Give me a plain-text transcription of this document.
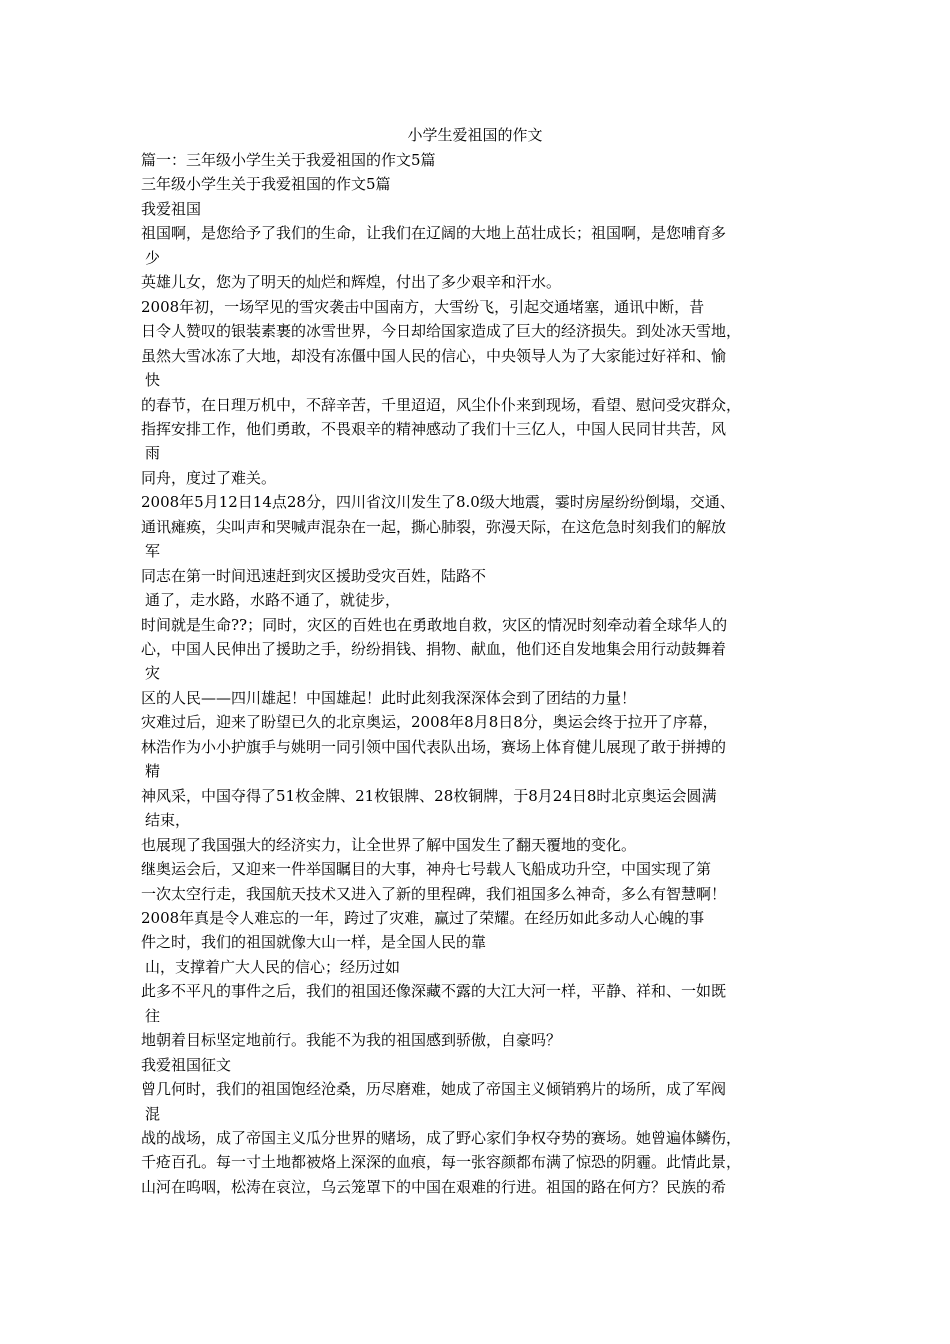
小学生爱祖国的作文
篇一：三年级小学生关于我爱祖国的作文5篇
三年级小学生关于我爱祖国的作文5篇
我爱祖国
祖国啊，是您给予了我们的生命，让我们在辽阔的大地上茁壮成长；祖国啊，是您哺育多
少
英雄儿女，您为了明天的灿烂和辉煌，付出了多少艰辛和汗水。
2008年初，一场罕见的雪灾袭击中国南方，大雪纷飞，引起交通堵塞，通讯中断，昔
日令人赞叹的银装素裹的冰雪世界，今日却给国家造成了巨大的经济损失。到处冰天雪地，
虽然大雪冰冻了大地，却没有冻僵中国人民的信心，中央领导人为了大家能过好祥和、愉
快
的春节，在日理万机中，不辞辛苦，千里迢迢，风尘仆仆来到现场，看望、慰问受灾群众，
指挥安排工作，他们勇敢，不畏艰辛的精神感动了我们十三亿人，中国人民同甘共苦，风
雨
同舟，度过了难关。
2008年5月12日14点28分，四川省汶川发生了8.0级大地震，霎时房屋纷纷倒塌，交通、
通讯瘫痪，尖叫声和哭喊声混杂在一起，撕心肺裂，弥漫天际，在这危急时刻我们的解放
军
同志在第一时间迅速赶到灾区援助受灾百姓，陆路不
通了，走水路，水路不通了，就徒步，
时间就是生命??；同时，灾区的百姓也在勇敢地自救，灾区的情况时刻牵动着全球华人的
心，中国人民伸出了援助之手，纷纷捐钱、捐物、献血，他们还自发地集会用行动鼓舞着
灾
区的人民——四川雄起！中国雄起！此时此刻我深深体会到了团结的力量！
灾难过后，迎来了盼望已久的北京奥运，2008年8月8日8分，奥运会终于拉开了序幕，
林浩作为小小护旗手与姚明一同引领中国代表队出场，赛场上体育健儿展现了敢于拼搏的
精
神风采，中国夺得了51枚金牌、21枚银牌、28枚铜牌，于8月24日8时北京奥运会圆满
结束，
也展现了我国强大的经济实力，让全世界了解中国发生了翻天覆地的变化。
继奥运会后，又迎来一件举国瞩目的大事，神舟七号载人飞船成功升空，中国实现了第
一次太空行走，我国航天技术又进入了新的里程碑，我们祖国多么神奇，多么有智慧啊！
2008年真是令人难忘的一年，跨过了灾难，赢过了荣耀。在经历如此多动人心魄的事
件之时，我们的祖国就像大山一样，是全国人民的靠
山，支撑着广大人民的信心；经历过如
此多不平凡的事件之后，我们的祖国还像深藏不露的大江大河一样，平静、祥和、一如既
往
地朝着目标坚定地前行。我能不为我的祖国感到骄傲，自豪吗？
我爱祖国征文
曾几何时，我们的祖国饱经沧桑，历尽磨难，她成了帝国主义倾销鸦片的场所，成了军阀
混
战的战场，成了帝国主义瓜分世界的赌场，成了野心家们争权夺势的赛场。她曾遍体鳞伤，
千疮百孔。每一寸土地都被烙上深深的血痕，每一张容颜都布满了惊恐的阴霾。此情此景，
山河在呜咽，松涛在哀泣，乌云笼罩下的中国在艰难的行进。祖国的路在何方？民族的希
